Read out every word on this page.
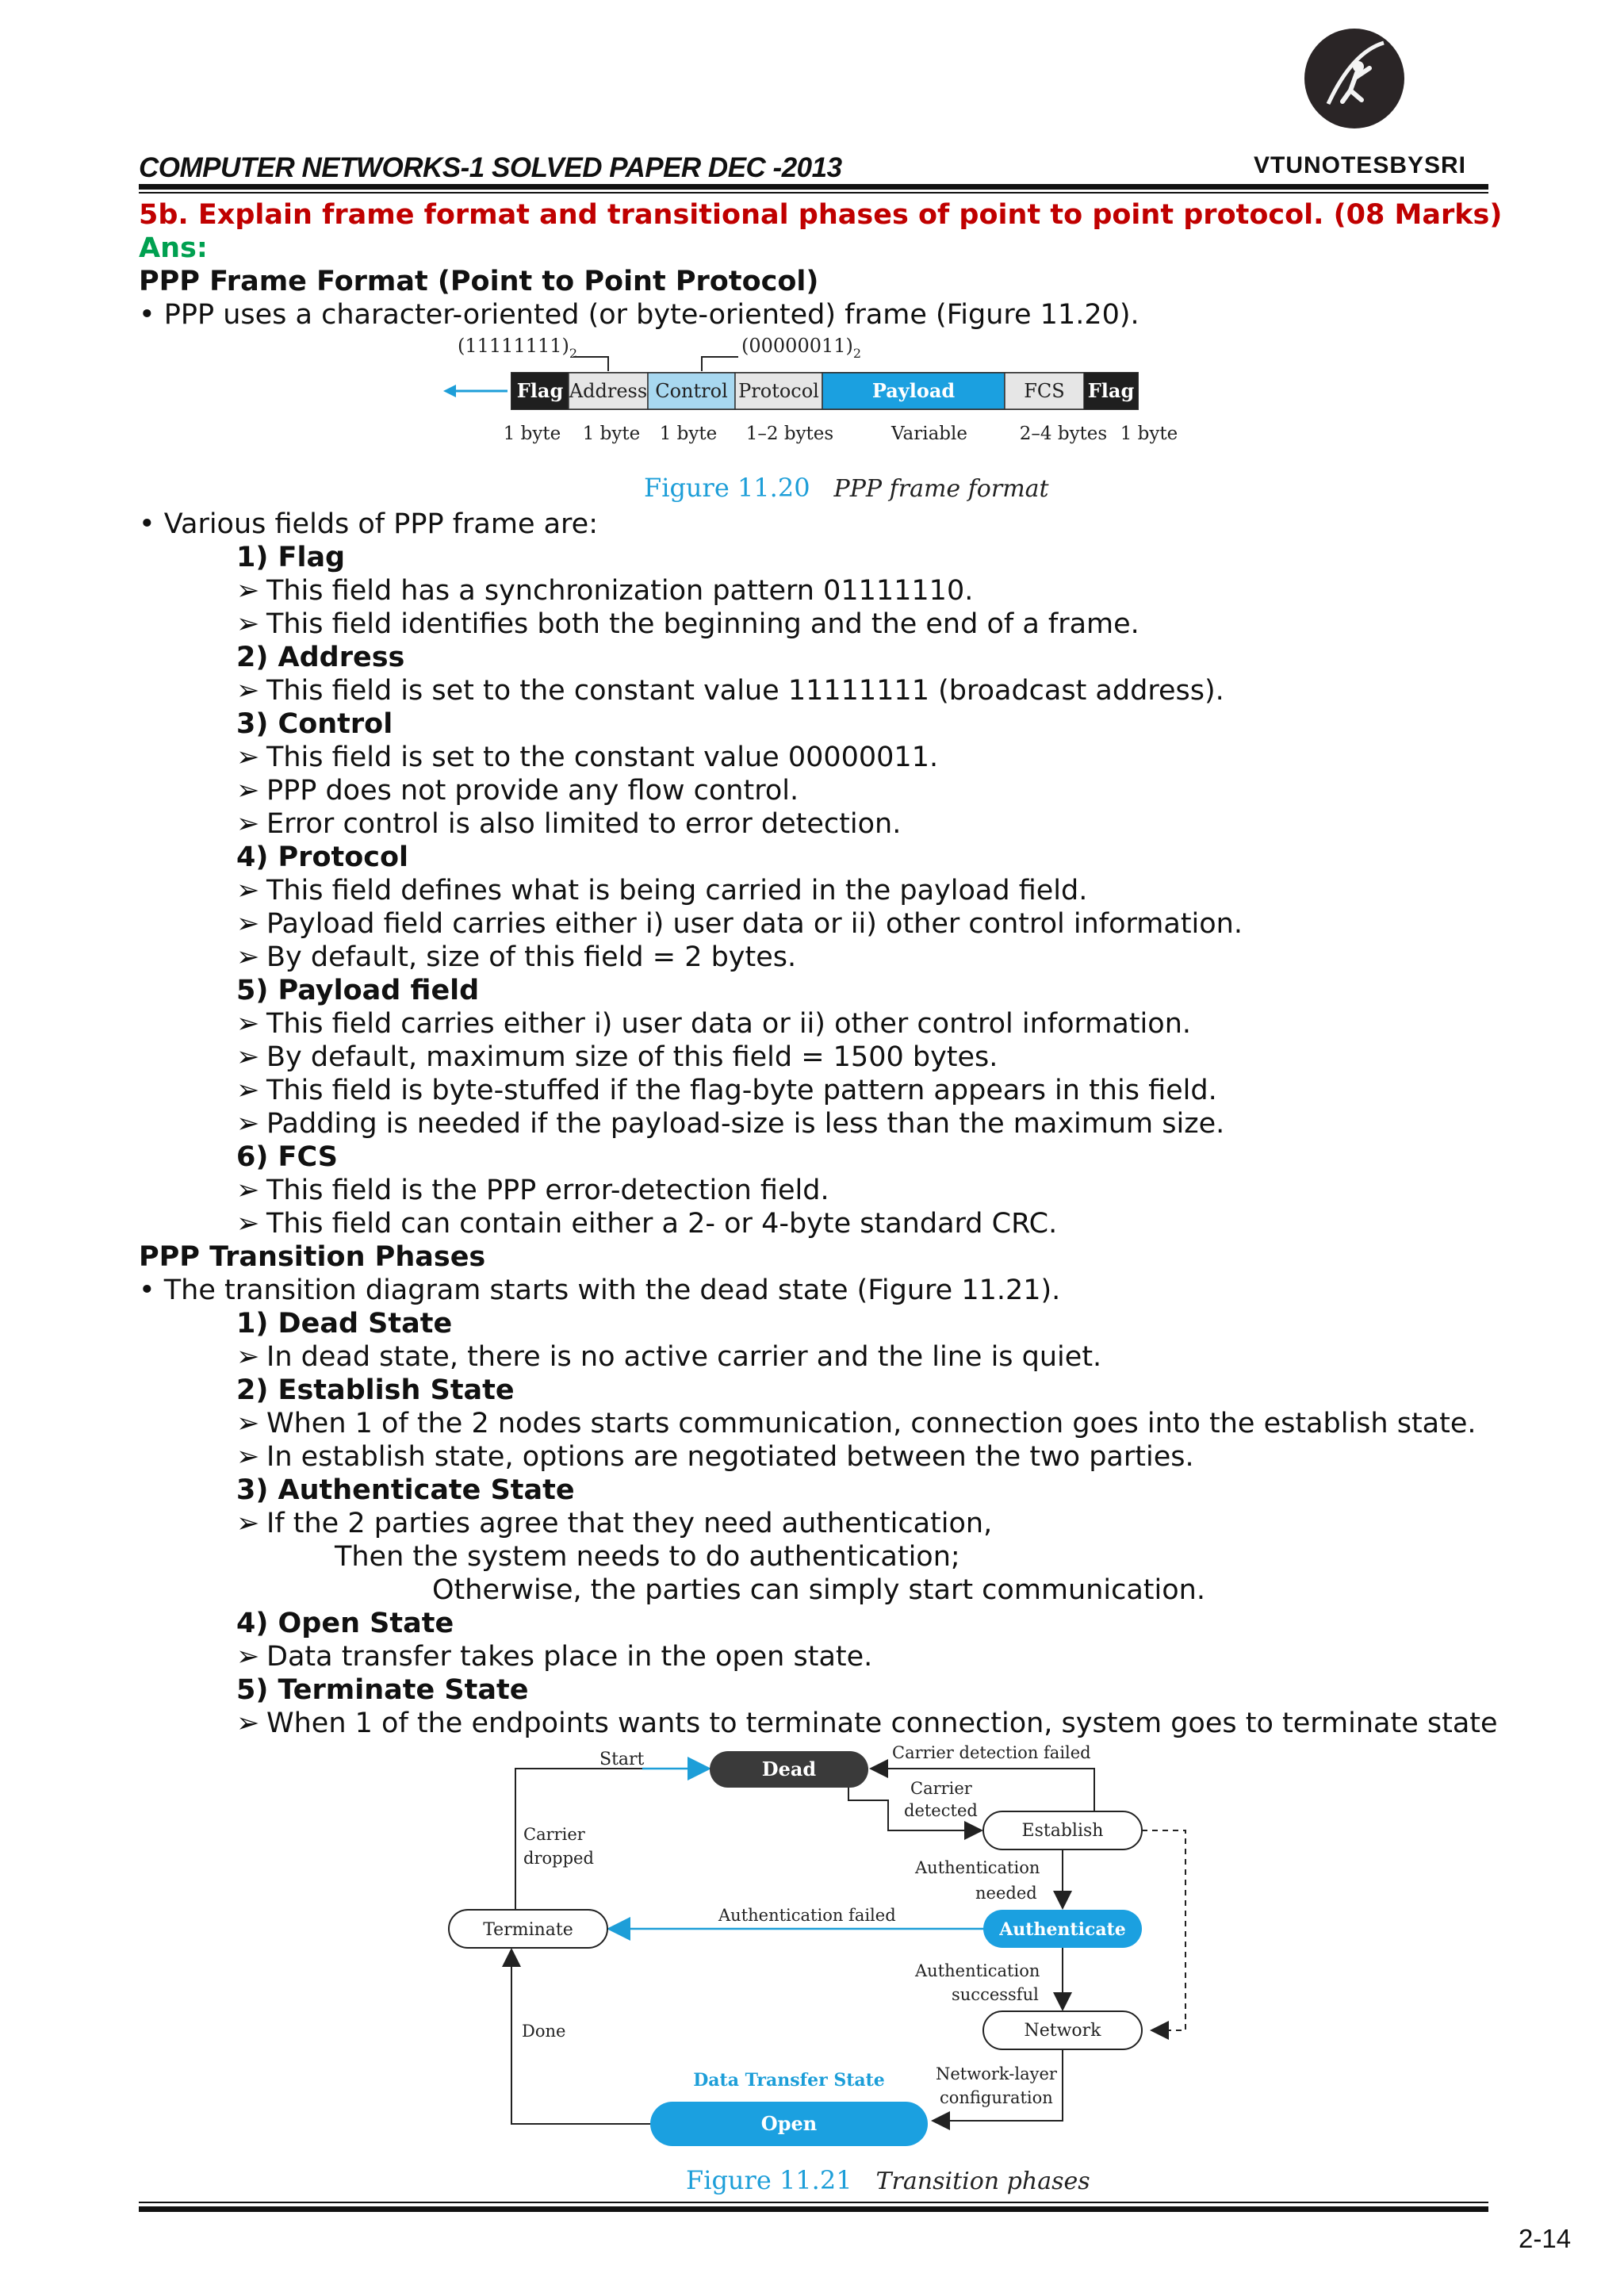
VTUNOTESBYSRI
COMPUTER NETWORKS-1 SOLVED PAPER DEC -2013
5b. Explain frame format and transitional phases of point to point protocol. (08 Marks)
Ans:
PPP Frame Format (Point to Point Protocol)
• PPP uses a character-oriented (or byte-oriented) frame (Figure 11.20).
$(11111111)_2$	$(00000011)_2$
Flag Address Control Protocol	Payload	FCS Flag
1 byte 1 byte 1 byte 1–2 bytes	Variable	2–4 bytes 1 byte
Figure 11.20 PPP frame format
• Various fields of PPP frame are:
1) Flag
➢ This field has a synchronization pattern 01111110.
➢ This field identifies both the beginning and the end of a frame.
2) Address
➢ This field is set to the constant value 11111111 (broadcast address).
3) Control
➢ This field is set to the constant value 00000011.
➢ PPP does not provide any flow control.
➢ Error control is also limited to error detection.
4) Protocol
➢ This field defines what is being carried in the payload field.
➢ Payload field carries either i) user data or ii) other control information.
➢ By default, size of this field = 2 bytes.
5) Payload field
➢ This field carries either i) user data or ii) other control information.
➢ By default, maximum size of this field = 1500 bytes.
➢ This field is byte-stuffed if the flag-byte pattern appears in this field.
➢ Padding is needed if the payload-size is less than the maximum size.
6) FCS
➢ This field is the PPP error-detection field.
➢ This field can contain either a 2- or 4-byte standard CRC.
PPP Transition Phases
• The transition diagram starts with the dead state (Figure 11.21).
1) Dead State
➢ In dead state, there is no active carrier and the line is quiet.
2) Establish State
➢ When 1 of the 2 nodes starts communication, connection goes into the establish state.
➢ In establish state, options are negotiated between the two parties.
3) Authenticate State
➢ If the 2 parties agree that they need authentication,
Then the system needs to do authentication;
Otherwise, the parties can simply start communication.
4) Open State
➢ Data transfer takes place in the open state.
5) Terminate State
➢ When 1 of the endpoints wants to terminate connection, system goes to terminate state
Start	Dead
Carrier detection failed
Carrier
detected
Establish
Authentication
needed
Authenticate
Authentication failed
Terminate
Carrier
dropped
Authentication
successful
Network
Network-layer
configuration
Data Transfer State
Open
Done
Figure 11.21 Transition phases
2-14
